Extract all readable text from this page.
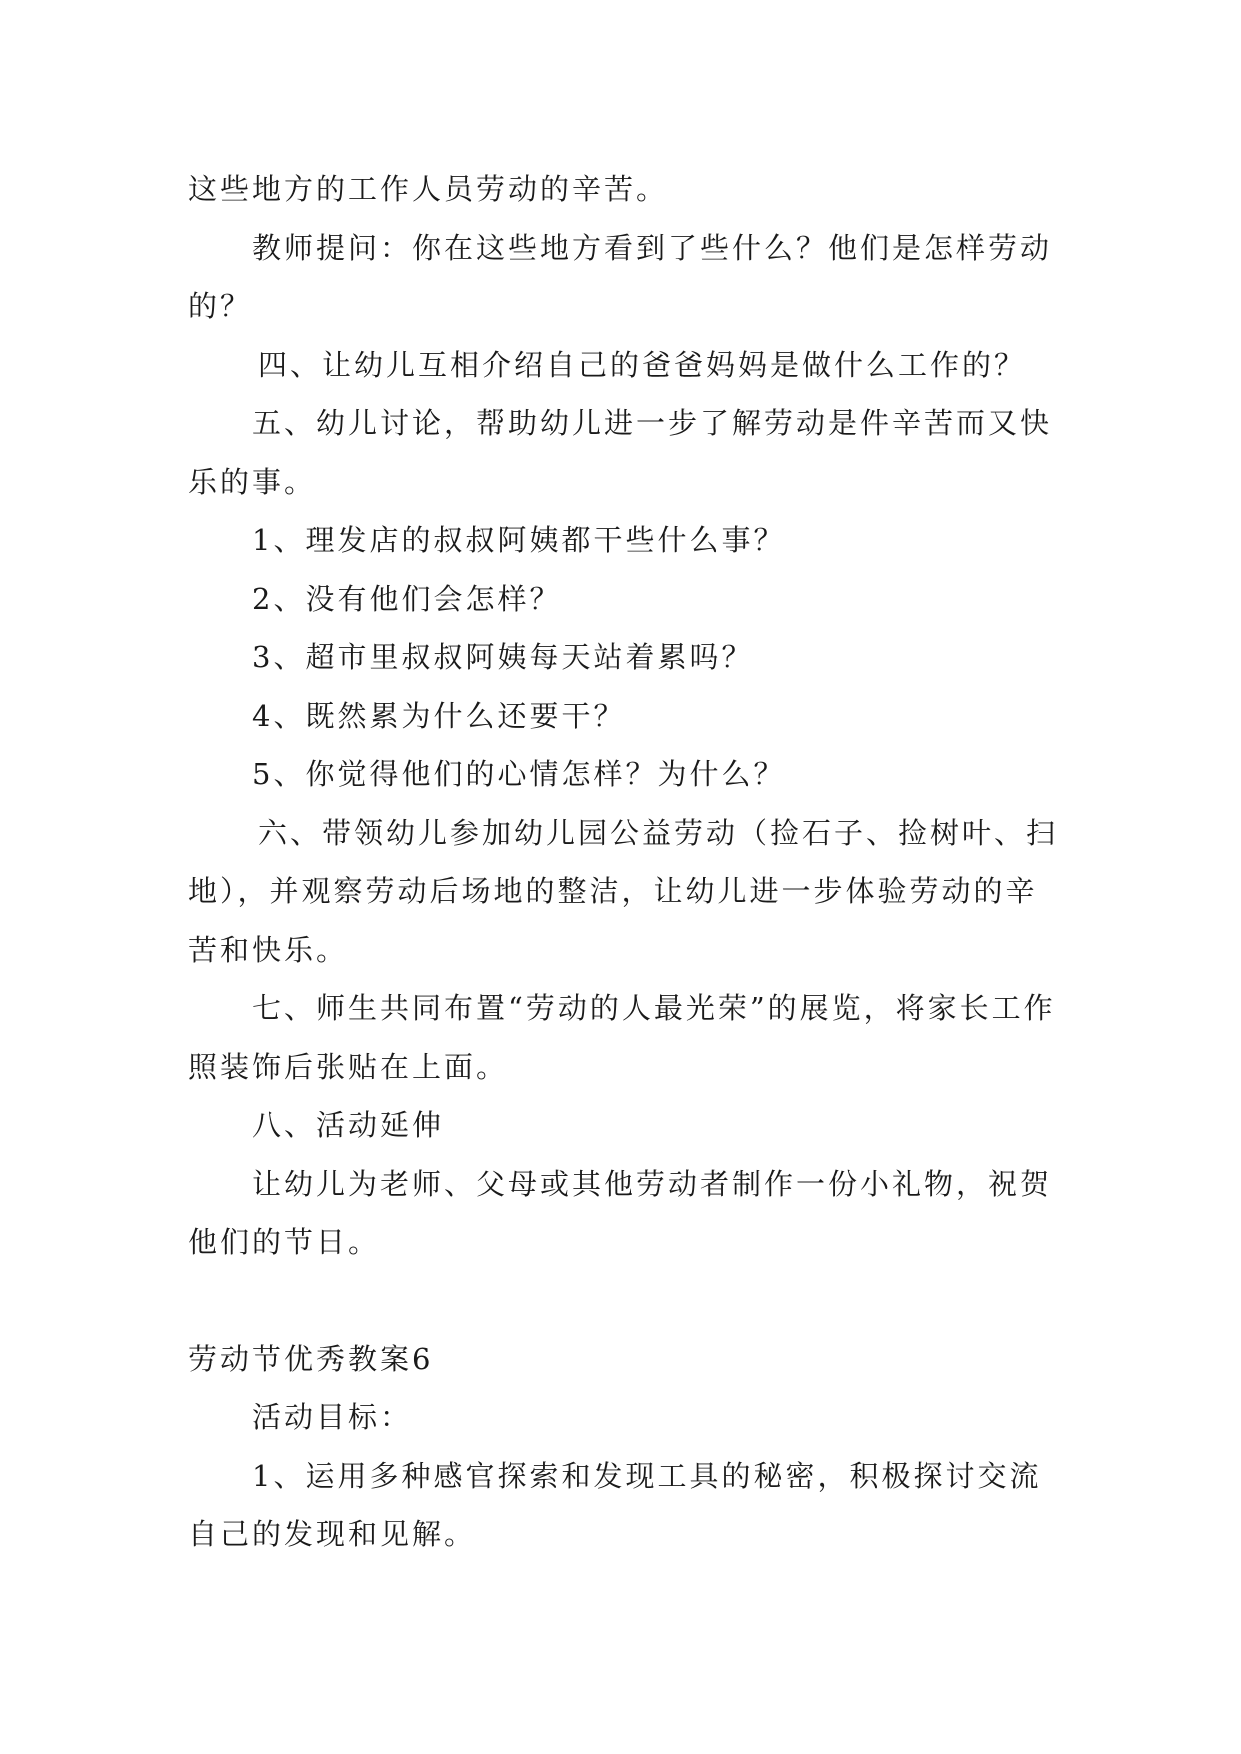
这些地方的工作人员劳动的辛苦。

教师提问：你在这些地方看到了些什么？他们是怎样劳动的？

四、让幼儿互相介绍自己的爸爸妈妈是做什么工作的？

五、幼儿讨论，帮助幼儿进一步了解劳动是件辛苦而又快乐的事。

1、理发店的叔叔阿姨都干些什么事？

2、没有他们会怎样？

3、超市里叔叔阿姨每天站着累吗？

4、既然累为什么还要干？

5、你觉得他们的心情怎样？为什么？

六、带领幼儿参加幼儿园公益劳动（捡石子、捡树叶、扫地），并观察劳动后场地的整洁，让幼儿进一步体验劳动的辛苦和快乐。

七、师生共同布置“劳动的人最光荣”的展览，将家长工作照装饰后张贴在上面。

八、活动延伸

让幼儿为老师、父母或其他劳动者制作一份小礼物，祝贺他们的节日。

劳动节优秀教案6

活动目标：

1、运用多种感官探索和发现工具的秘密，积极探讨交流自己的发现和见解。
